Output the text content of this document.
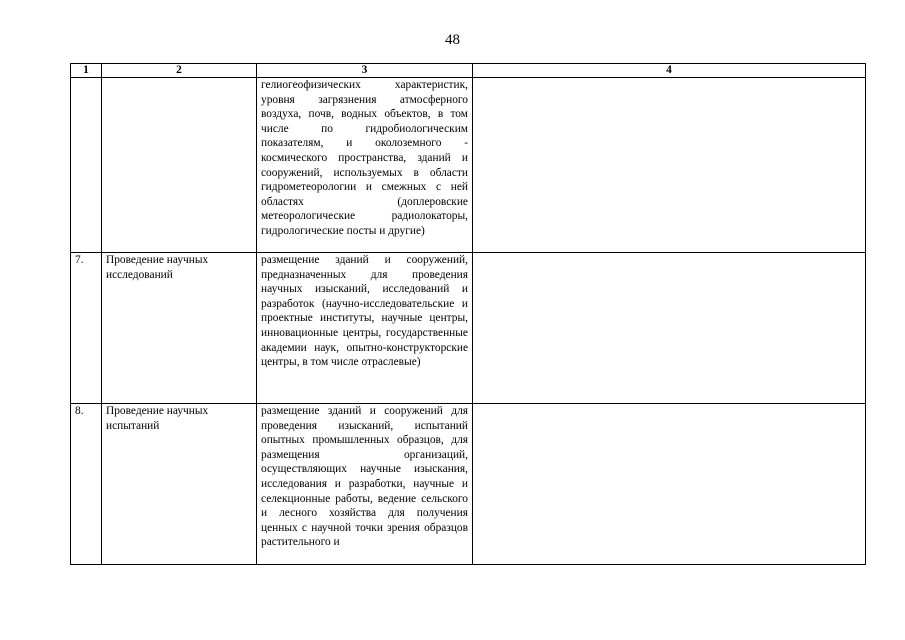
48
1	2	3	4

		гелиогеофизических характеристик, уровня загрязнения атмосферного воздуха, почв, водных объектов, в том числе по гидробиологическим показателям, и околоземного - космического пространства, зданий и сооружений, используемых в области гидрометеорологии и смежных с ней областях (доплеровские метеорологические радиолокаторы, гидрологические посты и другие)	

7.	Проведение научных исследований	размещение зданий и сооружений, предназначенных для проведения научных изысканий, исследований и разработок (научно-исследовательские и проектные институты, научные центры, инновационные центры, государственные академии наук, опытно-конструкторские центры, в том числе отраслевые)	

8.	Проведение научных испытаний	размещение зданий и сооружений для проведения изысканий, испытаний опытных промышленных образцов, для размещения организаций, осуществляющих научные изыскания, исследования и разработки, научные и селекционные работы, ведение сельского и лесного хозяйства для получения ценных с научной точки зрения образцов растительного и	
